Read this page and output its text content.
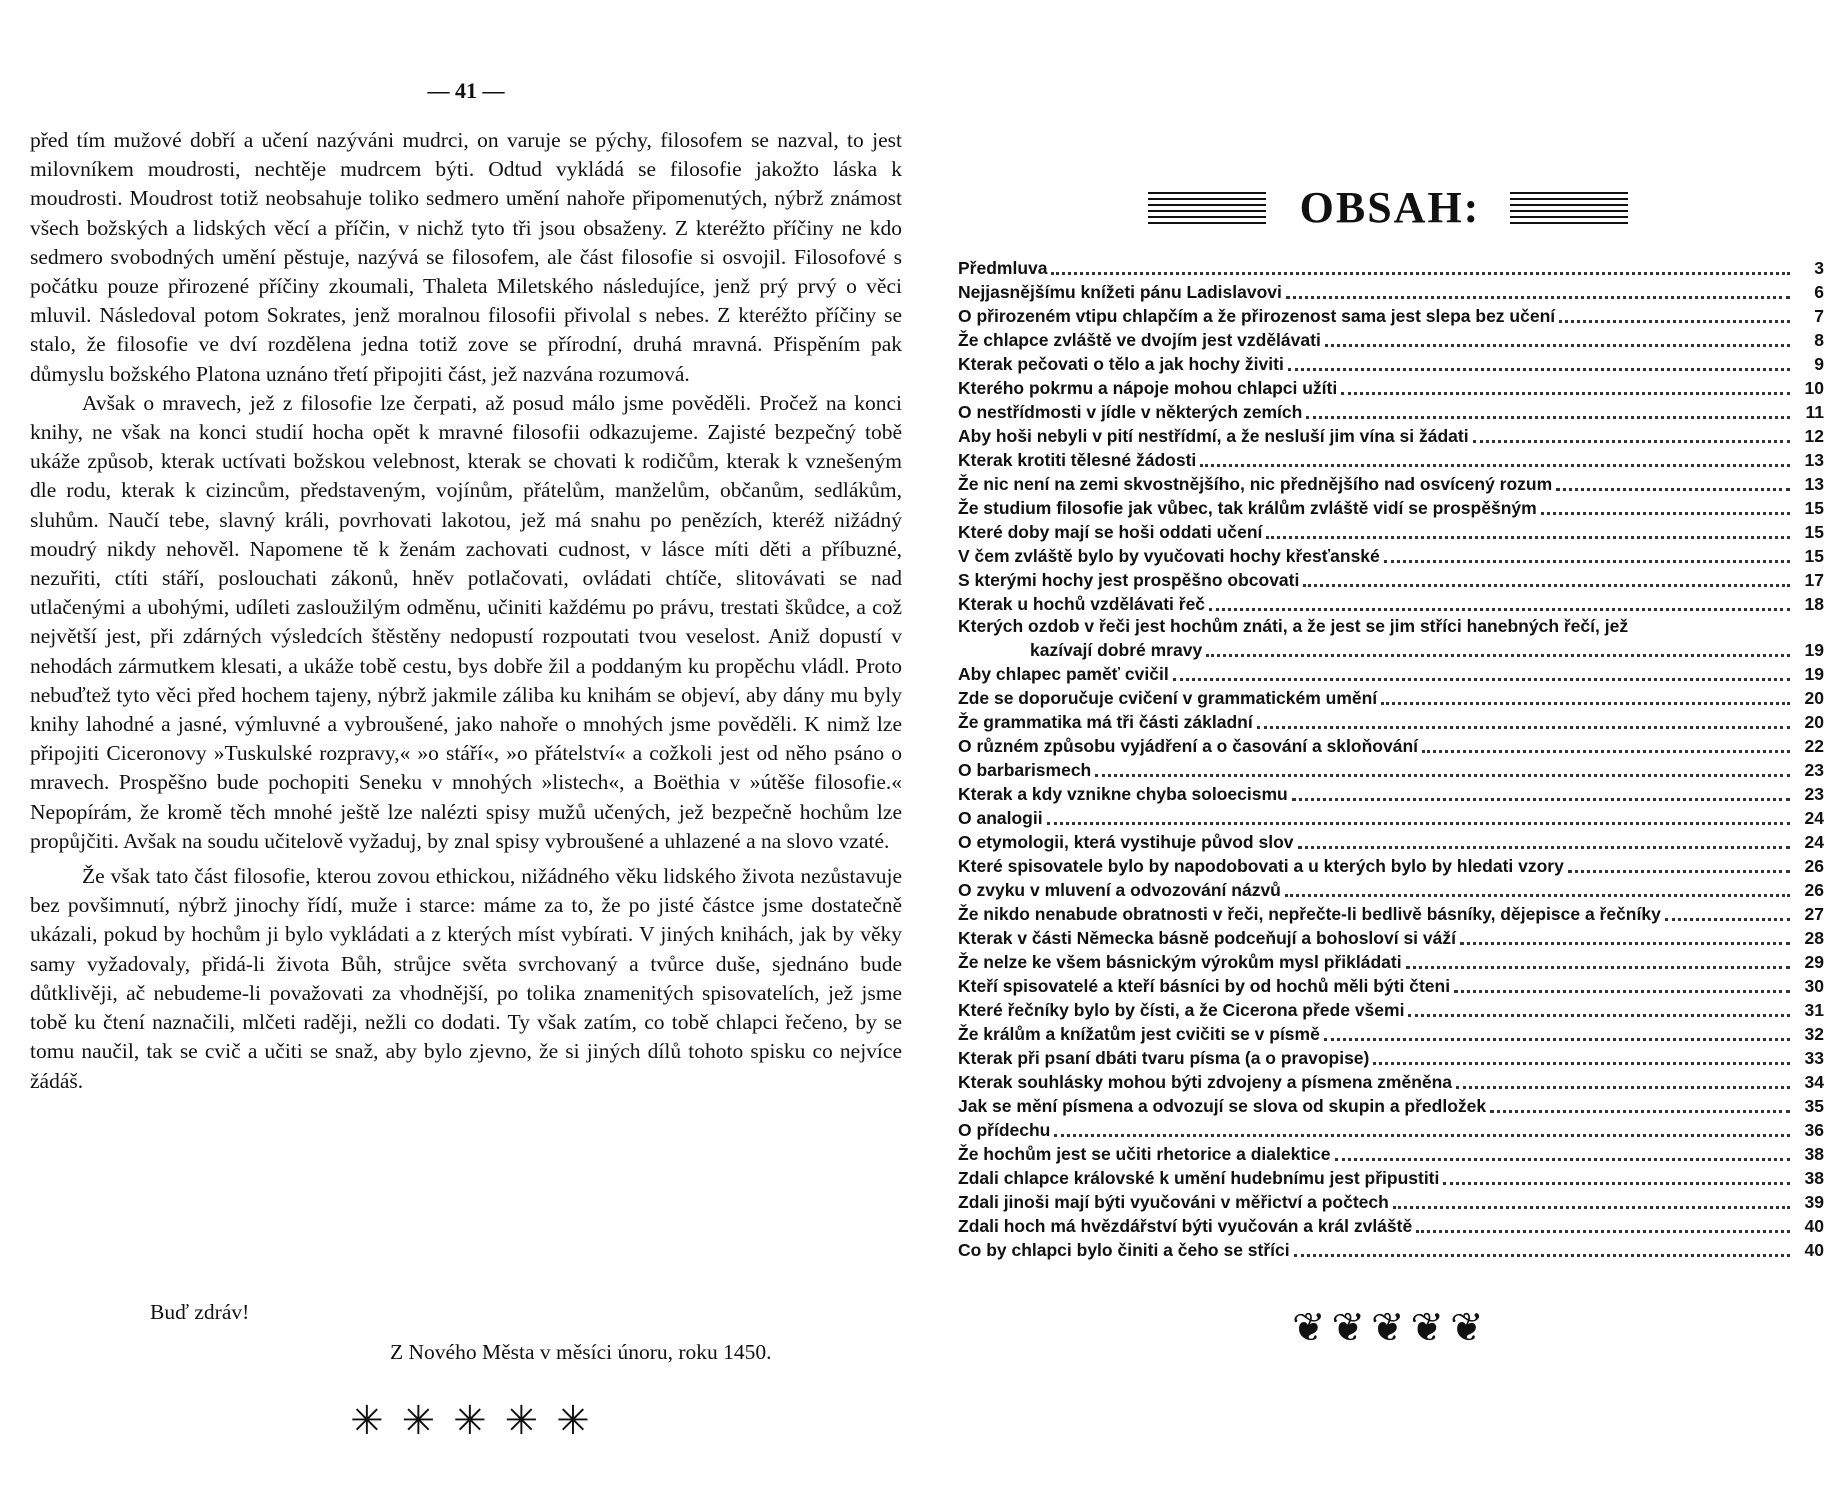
— 41 —

před tím mužové dobří a učení nazýváni mudrci, on varuje se pýchy, filosofem se nazval, to jest milovníkem moudrosti, nechtěje mudrcem býti. Odtud vykládá se filosofie jakožto láska k moudrosti. Moudrost totiž neobsahuje toliko sedmero umění nahoře připomenutých, nýbrž známost všech božských a lidských věcí a příčin, v nichž tyto tři jsou obsaženy. Z kteréžto příčiny ne kdo sedmero svobodných umění pěstuje, nazývá se filosofem, ale část filosofie si osvojil. Filosofové s počátku pouze přirozené příčiny zkoumali, Thaleta Miletského následujíce, jenž prý prvý o věci mluvil. Následoval potom Sokrates, jenž moralnou filosofii přivolal s nebes. Z kteréžto příčiny se stalo, že filosofie ve dví rozdělena jedna totiž zove se přírodní, druhá mravná. Přispěním pak důmyslu božského Platona uznáno třetí připojiti část, jež nazvána rozumová.

Avšak o mravech, jež z filosofie lze čerpati, až posud málo jsme pověděli. Pročež na konci knihy, ne však na konci studií hocha opět k mravné filosofii odkazujeme. Zajisté bezpečný tobě ukáže způsob, kterak uctívati božskou velebnost, kterak se chovati k rodičům, kterak k vznešeným dle rodu, kterak k cizincům, představeným, vojínům, přátelům, manželům, občanům, sedlákům, sluhům. Naučí tebe, slavný králi, povrhovati lakotou, jež má snahu po penězích, kteréž nižádný moudrý nikdy nehověl. Napomene tě k ženám zachovati cudnost, v lásce míti děti a příbuzné, nezuřiti, ctíti stáří, poslouchati zákonů, hněv potlačovati, ovládati chtíče, slitovávati se nad utlačenými a ubohými, udíleti zasloužilým odměnu, učiniti každému po právu, trestati škůdce, a což největší jest, při zdárných výsledcích štěstěny nedopustí rozpoutati tvou veselost. Aniž dopustí v nehodách zármutkem klesati, a ukáže tobě cestu, bys dobře žil a poddaným ku propěchu vládl. Proto nebuďtež tyto věci před hochem tajeny, nýbrž jakmile záliba ku knihám se objeví, aby dány mu byly knihy lahodné a jasné, výmluvné a vybroušené, jako nahoře o mnohých jsme pověděli. K nimž lze připojiti Ciceronovy »Tuskulské rozpravy,« »o stáří«, »o přátelství« a cožkoli jest od něho psáno o mravech. Prospěšno bude pochopiti Seneku v mnohých »listech«, a Boëthia v »útěše filosofie.« Nepopírám, že kromě těch mnohé ještě lze nalézti spisy mužů učených, jež bezpečně hochům lze propůjčiti. Avšak na soudu učitelově vyžaduj, by znal spisy vybroušené a uhlazené a na slovo vzaté.

Že však tato část filosofie, kterou zovou ethickou, nižádného věku lidského života nezůstavuje bez povšimnutí, nýbrž jinochy řídí, muže i starce: máme za to, že po jisté částce jsme dostatečně ukázali, pokud by hochům ji bylo vykládati a z kterých míst vybírati. V jiných knihách, jak by věky samy vyžadovaly, přidá-li života Bůh, strůjce světa svrchovaný a tvůrce duše, sjednáno bude důtklivěji, ač nebudeme-li považovati za vhodnější, po tolika znamenitých spisovatelích, jež jsme tobě ku čtení naznačili, mlčeti raději, nežli co dodati. Ty však zatím, co tobě chlapci řečeno, by se tomu naučil, tak se cvič a učiti se snaž, aby bylo zjevno, že si jiných dílů tohoto spisku co nejvíce žádáš.

Buď zdráv!
Z Nového Města v měsíci únoru, roku 1450.
✳✳✳✳✳
OBSAH:
Předmluva	3
Nejjasnějšímu knížeti pánu Ladislavovi	6
O přirozeném vtipu chlapčím a že přirozenost sama jest slepa bez učení	7
Že chlapce zvláště ve dvojím jest vzdělávati	8
Kterak pečovati o tělo a jak hochy živiti	9
Kterého pokrmu a nápoje mohou chlapci užíti	10
O nestřídmosti v jídle v některých zemích	11
Aby hoši nebyli v pití nestřídmí, a že nesluší jim vína si žádati	12
Kterak krotiti tělesné žádosti	13
Že nic není na zemi skvostnějšího, nic přednějšího nad osvícený rozum	13
Že studium filosofie jak vůbec, tak králům zvláště vidí se prospěšným	15
Které doby mají se hoši oddati učení	15
V čem zvláště bylo by vyučovati hochy křesťanské	15
S kterými hochy jest prospěšno obcovati	17
Kterak u hochů vzdělávati řeč	18
Kterých ozdob v řeči jest hochům znáti, a že jest se jim stříci hanebných řečí, jež
kazívají dobré mravy	19
Aby chlapec paměť cvičil	19
Zde se doporučuje cvičení v grammatickém umění	20
Že grammatika má tři části základní	20
O různém způsobu vyjádření a o časování a skloňování	22
O barbarismech	23
Kterak a kdy vznikne chyba soloecismu	23
O analogii	24
O etymologii, která vystihuje původ slov	24
Které spisovatele bylo by napodobovati a u kterých bylo by hledati vzory	26
O zvyku v mluvení a odvozování názvů	26
Že nikdo nenabude obratnosti v řeči, nepřečte-li bedlivě básníky, dějepisce a řečníky	27
Kterak v části Německa básně podceňují a bohosloví si váží	28
Že nelze ke všem básnickým výrokům mysl přikládati	29
Kteří spisovatelé a kteří básníci by od hochů měli býti čteni	30
Které řečníky bylo by čísti, a že Cicerona přede všemi	31
Že králům a knížatům jest cvičiti se v písmě	32
Kterak při psaní dbáti tvaru písma (a o pravopise)	33
Kterak souhlásky mohou býti zdvojeny a písmena změněna	34
Jak se mění písmena a odvozují se slova od skupin a předložek	35
O přídechu	36
Že hochům jest se učiti rhetorice a dialektice	38
Zdali chlapce královské k umění hudebnímu jest připustiti	38
Zdali jinoši mají býti vyučováni v měřictví a počtech	39
Zdali hoch má hvězdářství býti vyučován a král zvláště	40
Co by chlapci bylo činiti a čeho se stříci	40
❦❦❦❦❦
